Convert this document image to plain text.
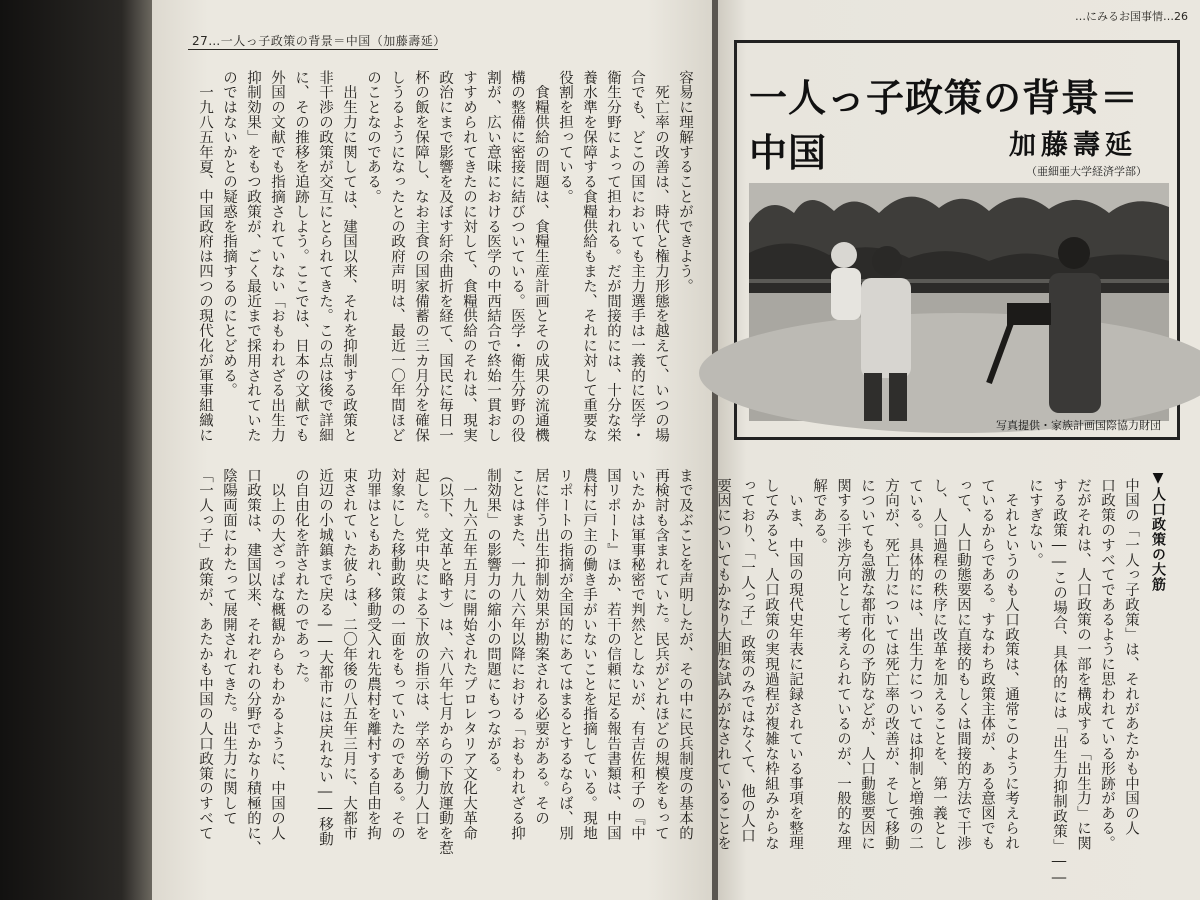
27…一人っ子政策の背景＝中国（加藤壽延）
容易に理解することができよう。
　死亡率の改善は、時代と権力形態を越えて、いつの場
合でも、どこの国においても主力選手は一義的に医学・
衛生分野によって担われる。だが間接的には、十分な栄
養水準を保障する食糧供給もまた、それに対して重要な
役割を担っている。
　食糧供給の問題は、食糧生産計画とその成果の流通機
構の整備に密接に結びついている。医学・衛生分野の役
割が、広い意味における医学の中西結合で終始一貫おし
すすめられてきたのに対して、食糧供給のそれは、現実
政治にまで影響を及ぼす紆余曲折を経て、国民に毎日一
杯の飯を保障し、なお主食の国家備蓄の三カ月分を確保
しうるようになったとの政府声明は、最近一〇年間ほど
のことなのである。
　出生力に関しては、建国以来、それを抑制する政策と
非干渉の政策が交互にとられてきた。この点は後で詳細
に、その推移を追跡しよう。ここでは、日本の文献でも
外国の文献でも指摘されていない「おもわれざる出生力
抑制効果」をもつ政策が、ごく最近まで採用されていた
のではないかとの疑惑を指摘するのにとどめる。
　一九八五年夏、中国政府は四つの現代化が軍事組織に
まで及ぶことを声明したが、その中に民兵制度の基本的
再検討も含まれていた。民兵がどれほどの規模をもって
いたかは軍事秘密で判然としないが、有吉佐和子の『中
国リポート』ほか、若干の信頼に足る報告書類は、中国
農村に戸主の働き手がいないことを指摘している。現地
リポートの指摘が全国的にあてはまるとするならば、別
居に伴う出生抑制効果が勘案される必要がある。その
ことはまた、一九八六年以降における「おもわれざる抑
制効果」の影響力の縮小の問題にもつながる。
　一九六五年五月に開始されたプロレタリア文化大革命
（以下、文革と略す）は、六八年七月からの下放運動を惹
起した。党中央による下放の指示は、学卒労働力人口を
対象にした移動政策の一面をもっていたのである。その
功罪はともあれ、移動受入れ先農村を離村する自由を拘
束されていた彼らは、二〇年後の八五年三月に、大都市
近辺の小城鎮まで戻る――大都市には戻れない――移動
の自由化を許されたのであった。
　以上の大ざっぱな概観からもわかるように、中国の人
口政策は、建国以来、それぞれの分野でかなり積極的に、
陰陽両面にわたって展開されてきた。出生力に関して
「一人っ子」政策が、あたかも中国の人口政策のすべて
…にみるお国事情…26
一人っ子政策の背景＝中国	加藤壽延
（亜細亜大学経済学部）
写真提供・家族計画国際協力財団
▼人口政策の大筋
中国の「一人っ子政策」は、それがあたかも中国の人
口政策のすべてであるように思われている形跡がある。
だがそれは、人口政策の一部を構成する「出生力」に関
する政策――この場合、具体的には「出生力抑制政策」――
にすぎない。
　それというのも人口政策は、通常このように考えられ
ているからである。すなわち政策主体が、ある意図でも
って、人口動態要因に直接的もしくは間接的方法で干渉
し、人口過程の秩序に改革を加えることを、第一義とし
ている。具体的には、出生力については抑制と増強の二
方向が、死亡力については死亡率の改善が、そして移動
についても急激な都市化の予防などが、人口動態要因に
関する干渉方向として考えられているのが、一般的な理
解である。
　いま、中国の現代史年表に記録されている事項を整理
してみると、人口政策の実現過程が複雑な枠組みからな
っており、「一人っ子」政策のみではなくて、他の人口
要因についてもかなり大胆な試みがなされていることを
